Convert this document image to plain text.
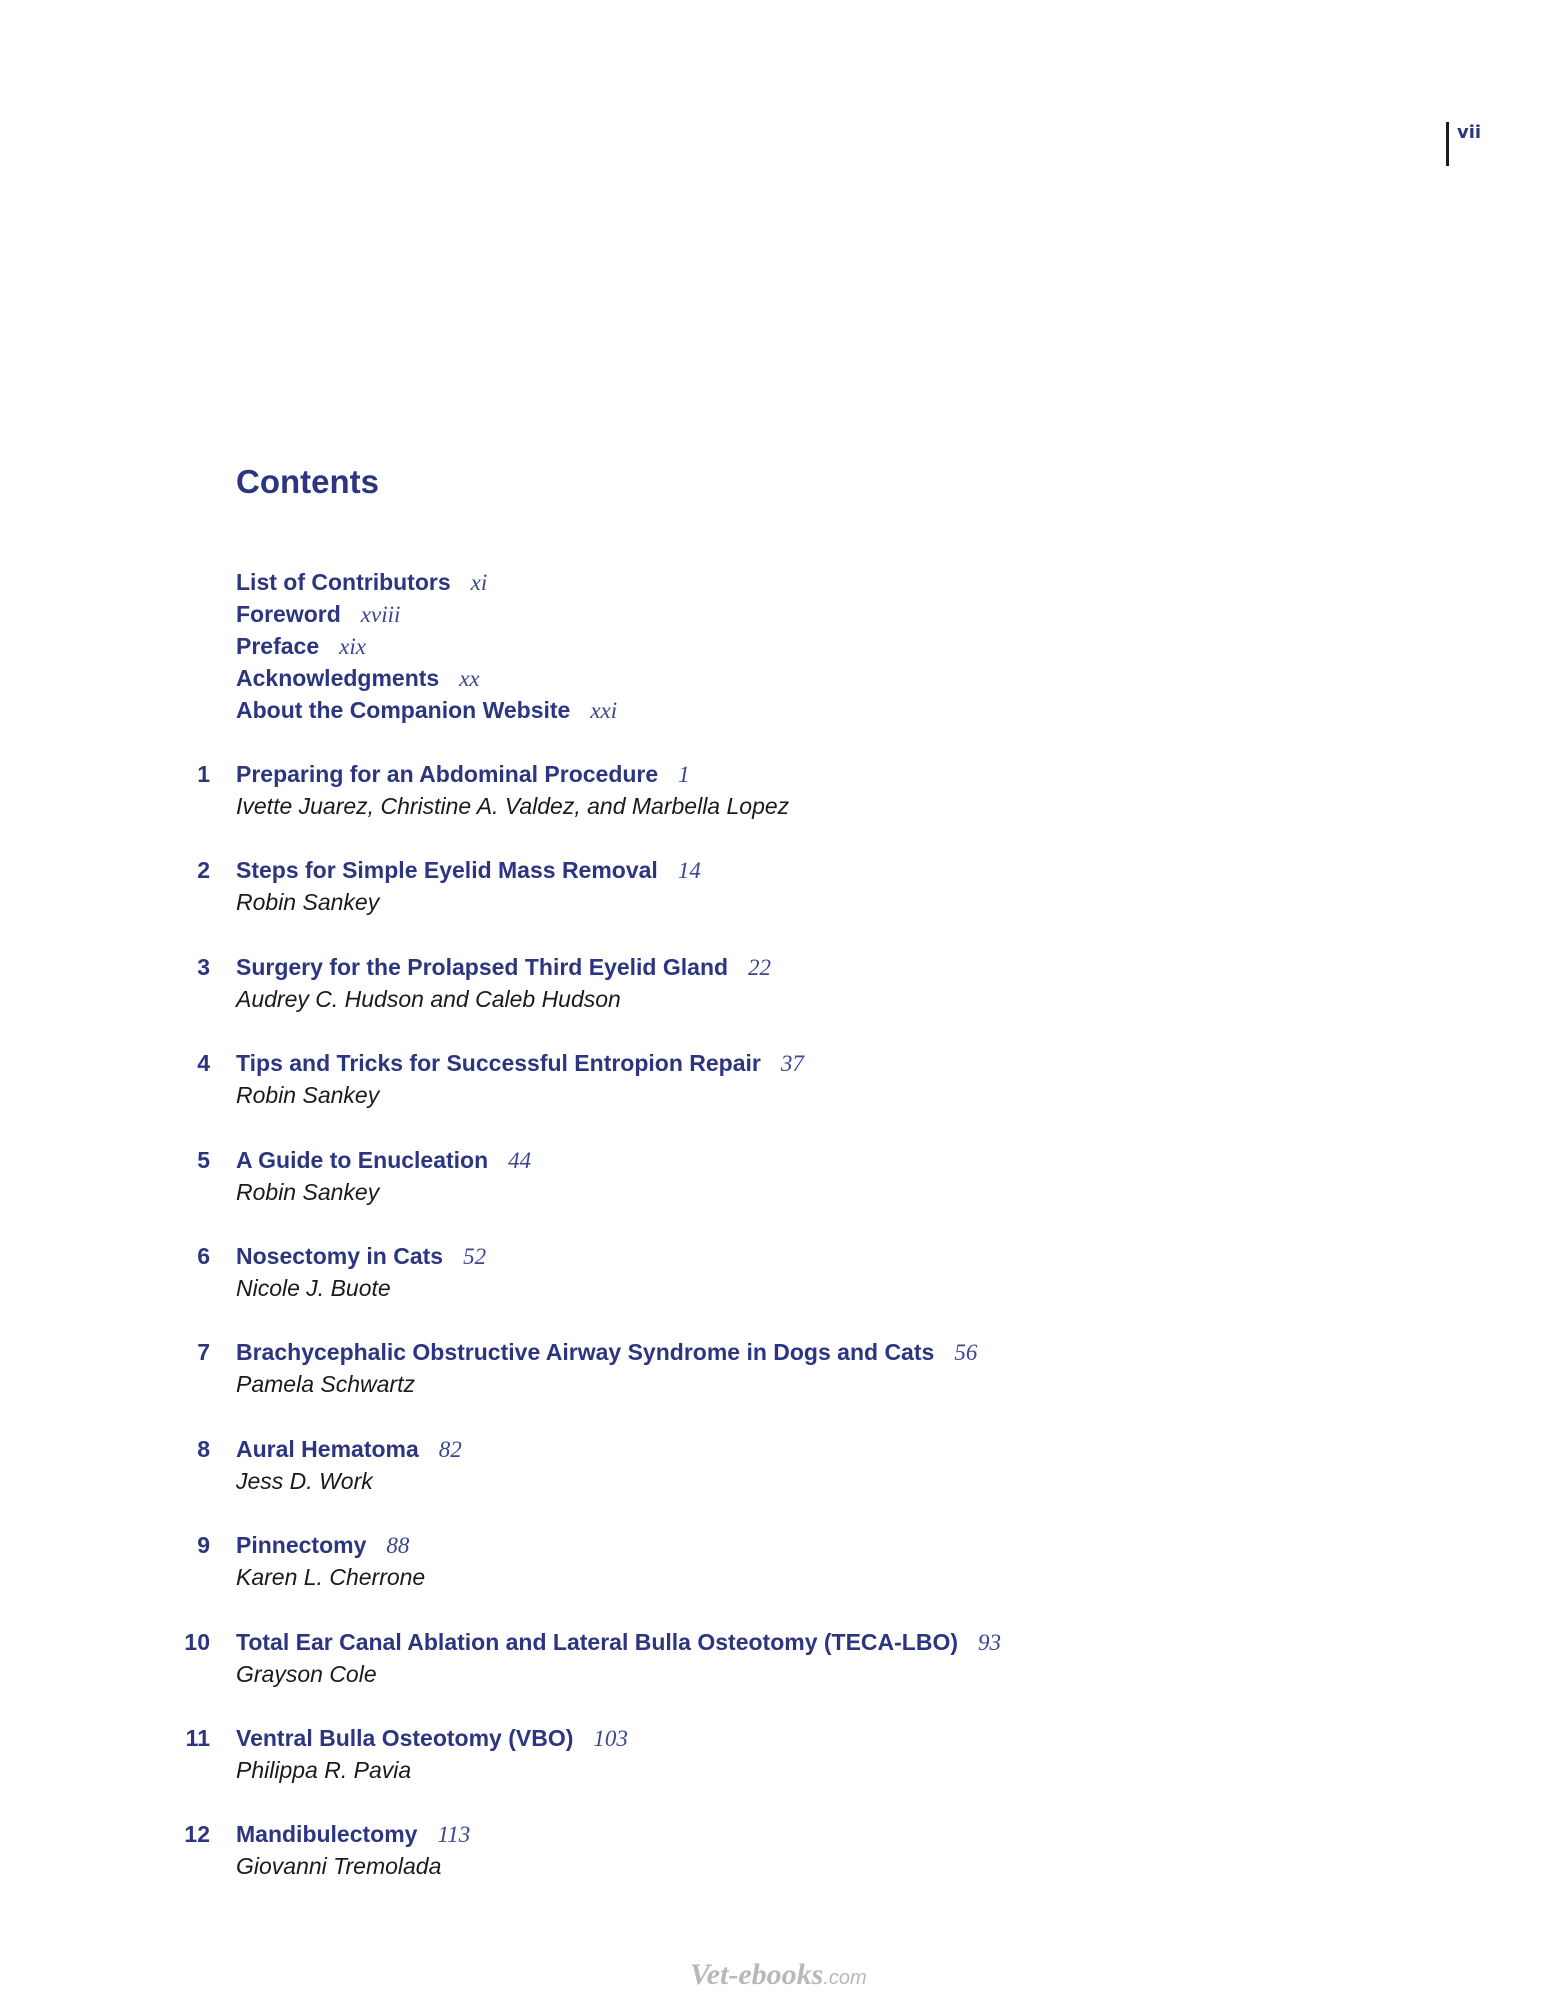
vii
Contents
List of Contributors xi
Foreword xviii
Preface xix
Acknowledgments xx
About the Companion Website xxi
1 Preparing for an Abdominal Procedure 1
Ivette Juarez, Christine A. Valdez, and Marbella Lopez
2 Steps for Simple Eyelid Mass Removal 14
Robin Sankey
3 Surgery for the Prolapsed Third Eyelid Gland 22
Audrey C. Hudson and Caleb Hudson
4 Tips and Tricks for Successful Entropion Repair 37
Robin Sankey
5 A Guide to Enucleation 44
Robin Sankey
6 Nosectomy in Cats 52
Nicole J. Buote
7 Brachycephalic Obstructive Airway Syndrome in Dogs and Cats 56
Pamela Schwartz
8 Aural Hematoma 82
Jess D. Work
9 Pinnectomy 88
Karen L. Cherrone
10 Total Ear Canal Ablation and Lateral Bulla Osteotomy (TECA-LBO) 93
Grayson Cole
11 Ventral Bulla Osteotomy (VBO) 103
Philippa R. Pavia
12 Mandibulectomy 113
Giovanni Tremolada
Vet-ebooks.com
